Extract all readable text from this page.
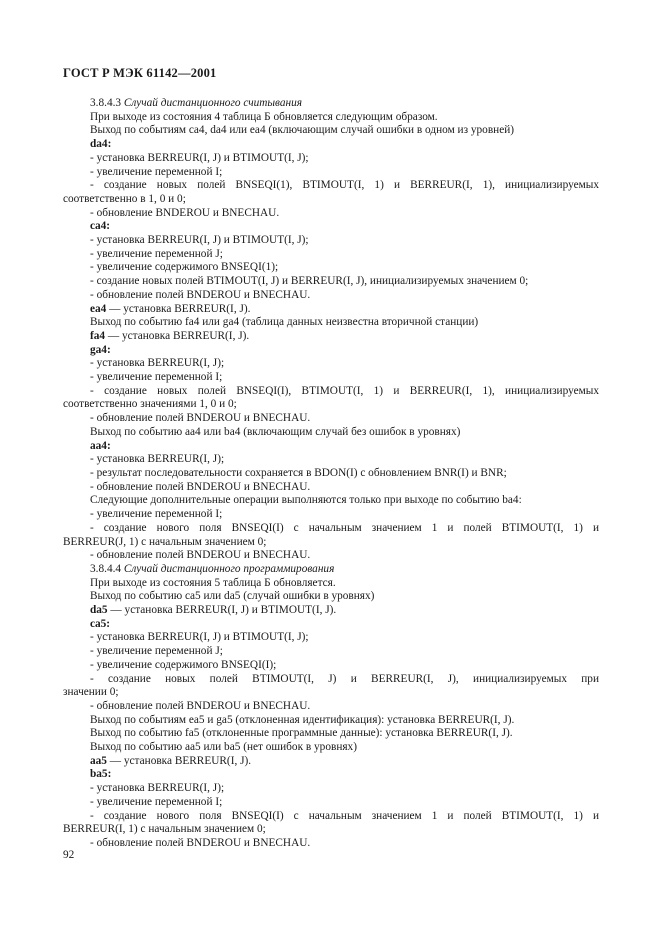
ГОСТ Р МЭК 61142—2001
3.8.4.3 Случай дистанционного считывания
При выходе из состояния 4 таблица Б обновляется следующим образом.
Выход по событиям ca4, da4 или ea4 (включающим случай ошибки в одном из уровней)
da4:
- установка BERREUR(I, J) и BTIMOUT(I, J);
- увеличение переменной I;
- создание новых полей BNSEQI(1), BTIMOUT(I, 1) и BERREUR(I, 1), инициализируемых
соответственно в 1, 0 и 0;
- обновление BNDEROU и BNECHAU.
ca4:
- установка BERREUR(I, J) и BTIMOUT(I, J);
- увеличение переменной J;
- увеличение содержимого BNSEQI(1);
- создание новых полей BTIMOUT(I, J) и BERREUR(I, J), инициализируемых значением 0;
- обновление полей BNDEROU и BNECHAU.
ea4 — установка BERREUR(I, J).
Выход по событию fa4 или ga4 (таблица данных неизвестна вторичной станции)
fa4 — установка BERREUR(I, J).
ga4:
- установка BERREUR(I, J);
- увеличение переменной I;
- создание новых полей BNSEQI(I), BTIMOUT(I, 1) и BERREUR(I, 1), инициализируемых
соответственно значениями 1, 0 и 0;
- обновление полей BNDEROU и BNECHAU.
Выход по событию aa4 или ba4 (включающим случай без ошибок в уровнях)
aa4:
- установка BERREUR(I, J);
- результат последовательности сохраняется в BDON(I) с обновлением BNR(I) и BNR;
- обновление полей BNDEROU и BNECHAU.
Следующие дополнительные операции выполняются только при выходе по событию ba4:
- увеличение переменной I;
- создание нового поля BNSEQI(I) с начальным значением 1 и полей BTIMOUT(I, 1) и
BERREUR(J, 1) с начальным значением 0;
- обновление полей BNDEROU и BNECHAU.
3.8.4.4 Случай дистанционного программирования
При выходе из состояния 5 таблица Б обновляется.
Выход по событию ca5 или da5 (случай ошибки в уровнях)
da5 — установка BERREUR(I, J) и BTIMOUT(I, J).
ca5:
- установка BERREUR(I, J) и BTIMOUT(I, J);
- увеличение переменной J;
- увеличение содержимого BNSEQI(I);
- создание новых полей BTIMOUT(I, J) и BERREUR(I, J), инициализируемых при
значении 0;
- обновление полей BNDEROU и BNECHAU.
Выход по событиям ea5 и ga5 (отклоненная идентификация): установка BERREUR(I, J).
Выход по событию fa5 (отклоненные программные данные): установка BERREUR(I, J).
Выход по событию aa5 или ba5 (нет ошибок в уровнях)
aa5 — установка BERREUR(I, J).
ba5:
- установка BERREUR(I, J);
- увеличение переменной I;
- создание нового поля BNSEQI(I) с начальным значением 1 и полей BTIMOUT(I, 1) и
BERREUR(I, 1) с начальным значением 0;
- обновление полей BNDEROU и BNECHAU.
92
